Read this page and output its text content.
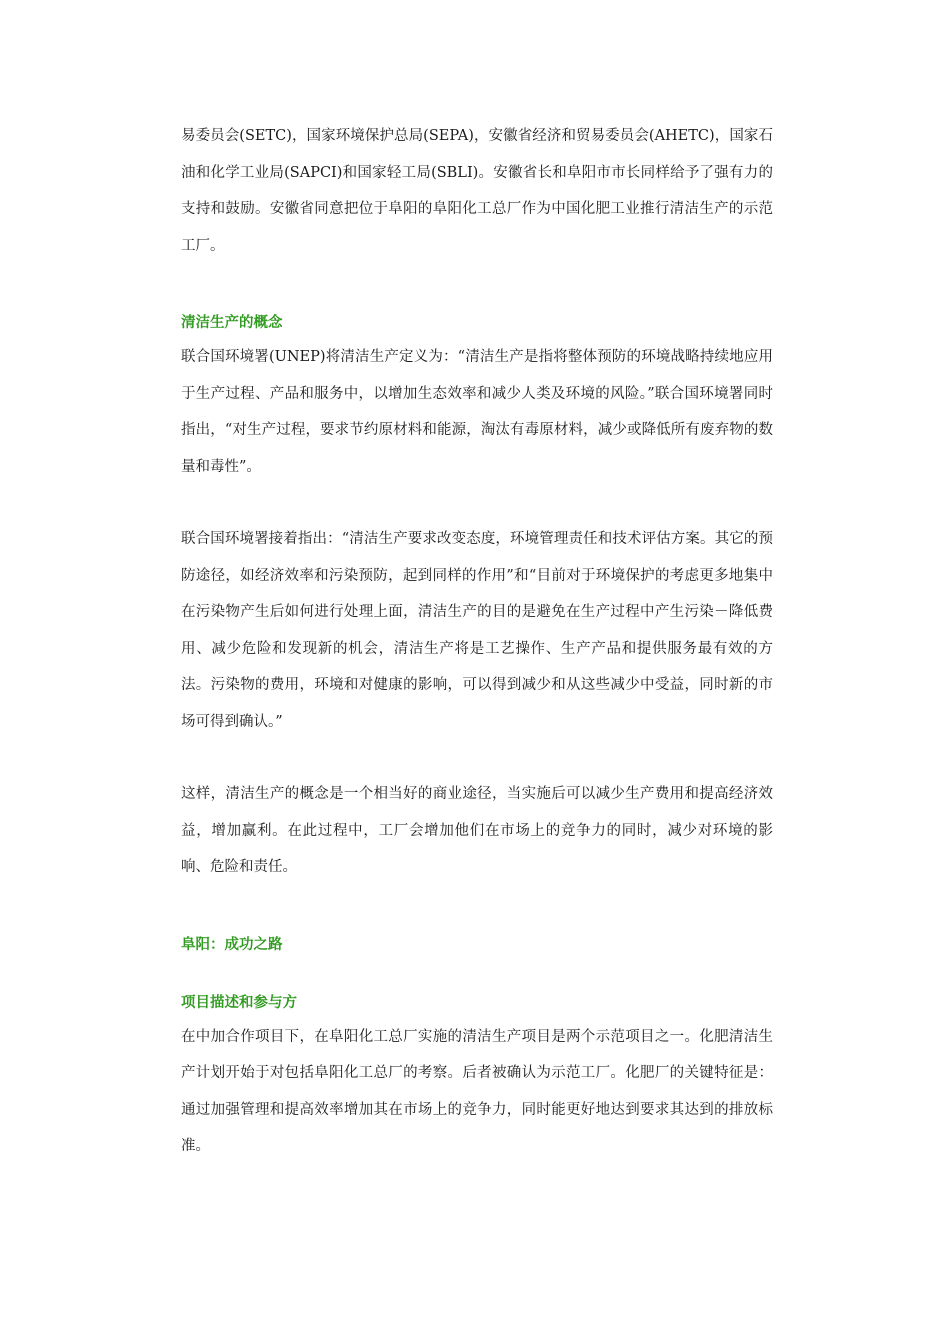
易委员会(SETC)，国家环境保护总局(SEPA)，安徽省经济和贸易委员会(AHETC)，国家石油和化学工业局(SAPCI)和国家轻工局(SBLI)。安徽省长和阜阳市市长同样给予了强有力的支持和鼓励。安徽省同意把位于阜阳的阜阳化工总厂作为中国化肥工业推行清洁生产的示范工厂。

清洁生产的概念

联合国环境署(UNEP)将清洁生产定义为：“清洁生产是指将整体预防的环境战略持续地应用于生产过程、产品和服务中，以增加生态效率和减少人类及环境的风险。”联合国环境署同时指出，“对生产过程，要求节约原材料和能源，淘汰有毒原材料，减少或降低所有废弃物的数量和毒性”。

联合国环境署接着指出：“清洁生产要求改变态度，环境管理责任和技术评估方案。其它的预防途径，如经济效率和污染预防，起到同样的作用”和“目前对于环境保护的考虑更多地集中在污染物产生后如何进行处理上面，清洁生产的目的是避免在生产过程中产生污染－降低费用、减少危险和发现新的机会，清洁生产将是工艺操作、生产产品和提供服务最有效的方法。污染物的费用，环境和对健康的影响，可以得到减少和从这些减少中受益，同时新的市场可得到确认。”

这样，清洁生产的概念是一个相当好的商业途径，当实施后可以减少生产费用和提高经济效益，增加赢利。在此过程中，工厂会增加他们在市场上的竞争力的同时，减少对环境的影响、危险和责任。

阜阳：成功之路
项目描述和参与方

在中加合作项目下，在阜阳化工总厂实施的清洁生产项目是两个示范项目之一。化肥清洁生产计划开始于对包括阜阳化工总厂的考察。后者被确认为示范工厂。化肥厂的关键特征是：通过加强管理和提高效率增加其在市场上的竞争力，同时能更好地达到要求其达到的排放标准。
